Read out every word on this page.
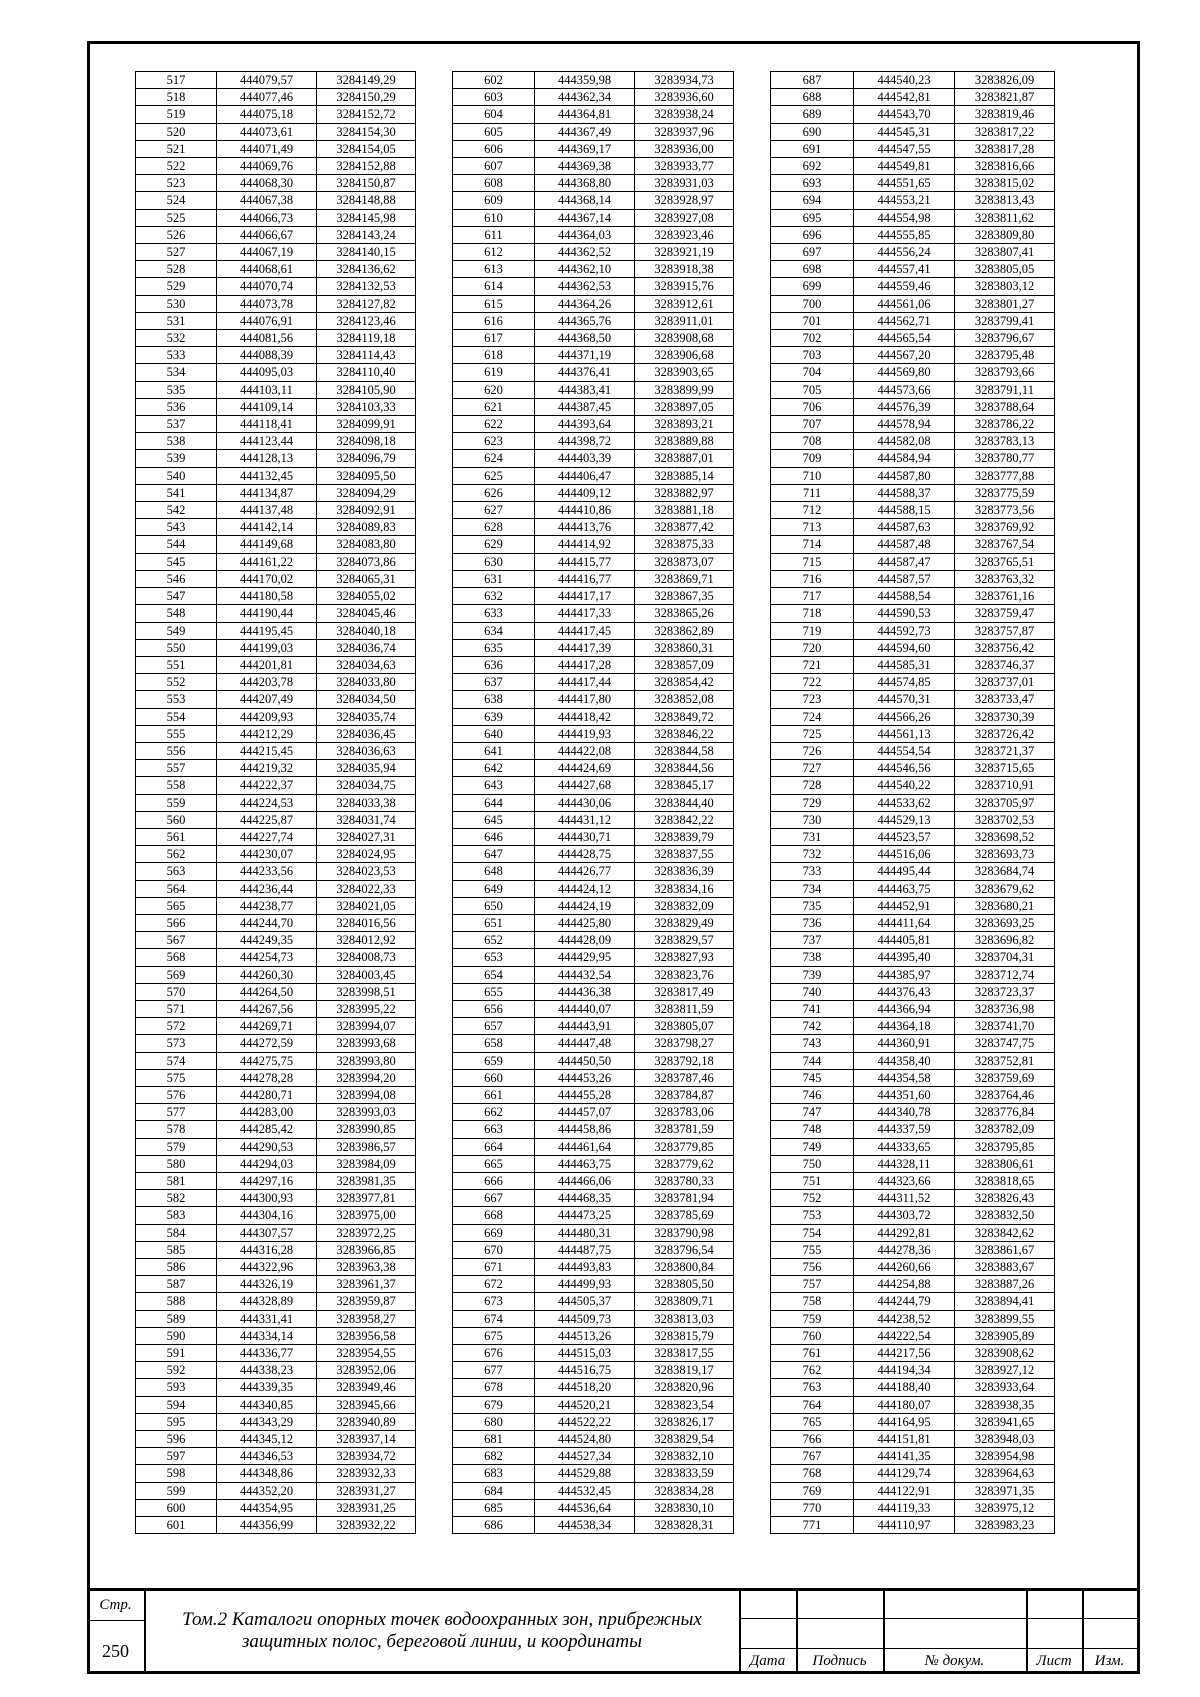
517	444079,57	3284149,29
518	444077,46	3284150,29
519	444075,18	3284152,72
520	444073,61	3284154,30
521	444071,49	3284154,05
522	444069,76	3284152,88
523	444068,30	3284150,87
524	444067,38	3284148,88
525	444066,73	3284145,98
526	444066,67	3284143,24
527	444067,19	3284140,15
528	444068,61	3284136,62
529	444070,74	3284132,53
530	444073,78	3284127,82
531	444076,91	3284123,46
532	444081,56	3284119,18
533	444088,39	3284114,43
534	444095,03	3284110,40
535	444103,11	3284105,90
536	444109,14	3284103,33
537	444118,41	3284099,91
538	444123,44	3284098,18
539	444128,13	3284096,79
540	444132,45	3284095,50
541	444134,87	3284094,29
542	444137,48	3284092,91
543	444142,14	3284089,83
544	444149,68	3284083,80
545	444161,22	3284073,86
546	444170,02	3284065,31
547	444180,58	3284055,02
548	444190,44	3284045,46
549	444195,45	3284040,18
550	444199,03	3284036,74
551	444201,81	3284034,63
552	444203,78	3284033,80
553	444207,49	3284034,50
554	444209,93	3284035,74
555	444212,29	3284036,45
556	444215,45	3284036,63
557	444219,32	3284035,94
558	444222,37	3284034,75
559	444224,53	3284033,38
560	444225,87	3284031,74
561	444227,74	3284027,31
562	444230,07	3284024,95
563	444233,56	3284023,53
564	444236,44	3284022,33
565	444238,77	3284021,05
566	444244,70	3284016,56
567	444249,35	3284012,92
568	444254,73	3284008,73
569	444260,30	3284003,45
570	444264,50	3283998,51
571	444267,56	3283995,22
572	444269,71	3283994,07
573	444272,59	3283993,68
574	444275,75	3283993,80
575	444278,28	3283994,20
576	444280,71	3283994,08
577	444283,00	3283993,03
578	444285,42	3283990,85
579	444290,53	3283986,57
580	444294,03	3283984,09
581	444297,16	3283981,35
582	444300,93	3283977,81
583	444304,16	3283975,00
584	444307,57	3283972,25
585	444316,28	3283966,85
586	444322,96	3283963,38
587	444326,19	3283961,37
588	444328,89	3283959,87
589	444331,41	3283958,27
590	444334,14	3283956,58
591	444336,77	3283954,55
592	444338,23	3283952,06
593	444339,35	3283949,46
594	444340,85	3283945,66
595	444343,29	3283940,89
596	444345,12	3283937,14
597	444346,53	3283934,72
598	444348,86	3283932,33
599	444352,20	3283931,27
600	444354,95	3283931,25
601	444356,99	3283932,22
602	444359,98	3283934,73
603	444362,34	3283936,60
604	444364,81	3283938,24
605	444367,49	3283937,96
606	444369,17	3283936,00
607	444369,38	3283933,77
608	444368,80	3283931,03
609	444368,14	3283928,97
610	444367,14	3283927,08
611	444364,03	3283923,46
612	444362,52	3283921,19
613	444362,10	3283918,38
614	444362,53	3283915,76
615	444364,26	3283912,61
616	444365,76	3283911,01
617	444368,50	3283908,68
618	444371,19	3283906,68
619	444376,41	3283903,65
620	444383,41	3283899,99
621	444387,45	3283897,05
622	444393,64	3283893,21
623	444398,72	3283889,88
624	444403,39	3283887,01
625	444406,47	3283885,14
626	444409,12	3283882,97
627	444410,86	3283881,18
628	444413,76	3283877,42
629	444414,92	3283875,33
630	444415,77	3283873,07
631	444416,77	3283869,71
632	444417,17	3283867,35
633	444417,33	3283865,26
634	444417,45	3283862,89
635	444417,39	3283860,31
636	444417,28	3283857,09
637	444417,44	3283854,42
638	444417,80	3283852,08
639	444418,42	3283849,72
640	444419,93	3283846,22
641	444422,08	3283844,58
642	444424,69	3283844,56
643	444427,68	3283845,17
644	444430,06	3283844,40
645	444431,12	3283842,22
646	444430,71	3283839,79
647	444428,75	3283837,55
648	444426,77	3283836,39
649	444424,12	3283834,16
650	444424,19	3283832,09
651	444425,80	3283829,49
652	444428,09	3283829,57
653	444429,95	3283827,93
654	444432,54	3283823,76
655	444436,38	3283817,49
656	444440,07	3283811,59
657	444443,91	3283805,07
658	444447,48	3283798,27
659	444450,50	3283792,18
660	444453,26	3283787,46
661	444455,28	3283784,87
662	444457,07	3283783,06
663	444458,86	3283781,59
664	444461,64	3283779,85
665	444463,75	3283779,62
666	444466,06	3283780,33
667	444468,35	3283781,94
668	444473,25	3283785,69
669	444480,31	3283790,98
670	444487,75	3283796,54
671	444493,83	3283800,84
672	444499,93	3283805,50
673	444505,37	3283809,71
674	444509,73	3283813,03
675	444513,26	3283815,79
676	444515,03	3283817,55
677	444516,75	3283819,17
678	444518,20	3283820,96
679	444520,21	3283823,54
680	444522,22	3283826,17
681	444524,80	3283829,54
682	444527,34	3283832,10
683	444529,88	3283833,59
684	444532,45	3283834,28
685	444536,64	3283830,10
686	444538,34	3283828,31
687	444540,23	3283826,09
688	444542,81	3283821,87
689	444543,70	3283819,46
690	444545,31	3283817,22
691	444547,55	3283817,28
692	444549,81	3283816,66
693	444551,65	3283815,02
694	444553,21	3283813,43
695	444554,98	3283811,62
696	444555,85	3283809,80
697	444556,24	3283807,41
698	444557,41	3283805,05
699	444559,46	3283803,12
700	444561,06	3283801,27
701	444562,71	3283799,41
702	444565,54	3283796,67
703	444567,20	3283795,48
704	444569,80	3283793,66
705	444573,66	3283791,11
706	444576,39	3283788,64
707	444578,94	3283786,22
708	444582,08	3283783,13
709	444584,94	3283780,77
710	444587,80	3283777,88
711	444588,37	3283775,59
712	444588,15	3283773,56
713	444587,63	3283769,92
714	444587,48	3283767,54
715	444587,47	3283765,51
716	444587,57	3283763,32
717	444588,54	3283761,16
718	444590,53	3283759,47
719	444592,73	3283757,87
720	444594,60	3283756,42
721	444585,31	3283746,37
722	444574,85	3283737,01
723	444570,31	3283733,47
724	444566,26	3283730,39
725	444561,13	3283726,42
726	444554,54	3283721,37
727	444546,56	3283715,65
728	444540,22	3283710,91
729	444533,62	3283705,97
730	444529,13	3283702,53
731	444523,57	3283698,52
732	444516,06	3283693,73
733	444495,44	3283684,74
734	444463,75	3283679,62
735	444452,91	3283680,21
736	444411,64	3283693,25
737	444405,81	3283696,82
738	444395,40	3283704,31
739	444385,97	3283712,74
740	444376,43	3283723,37
741	444366,94	3283736,98
742	444364,18	3283741,70
743	444360,91	3283747,75
744	444358,40	3283752,81
745	444354,58	3283759,69
746	444351,60	3283764,46
747	444340,78	3283776,84
748	444337,59	3283782,09
749	444333,65	3283795,85
750	444328,11	3283806,61
751	444323,66	3283818,65
752	444311,52	3283826,43
753	444303,72	3283832,50
754	444292,81	3283842,62
755	444278,36	3283861,67
756	444260,66	3283883,67
757	444254,88	3283887,26
758	444244,79	3283894,41
759	444238,52	3283899,55
760	444222,54	3283905,89
761	444217,56	3283908,62
762	444194,34	3283927,12
763	444188,40	3283933,64
764	444180,07	3283938,35
765	444164,95	3283941,65
766	444151,81	3283948,03
767	444141,35	3283954,98
768	444129,74	3283964,63
769	444122,91	3283971,35
770	444119,33	3283975,12
771	444110,97	3283983,23
Стр.
250
Том.2 Каталоги опорных точек водоохранных зон, прибрежных защитных полос, береговой линии, и координаты
Дата	Подпись	№ докум.	Лист	Изм.
